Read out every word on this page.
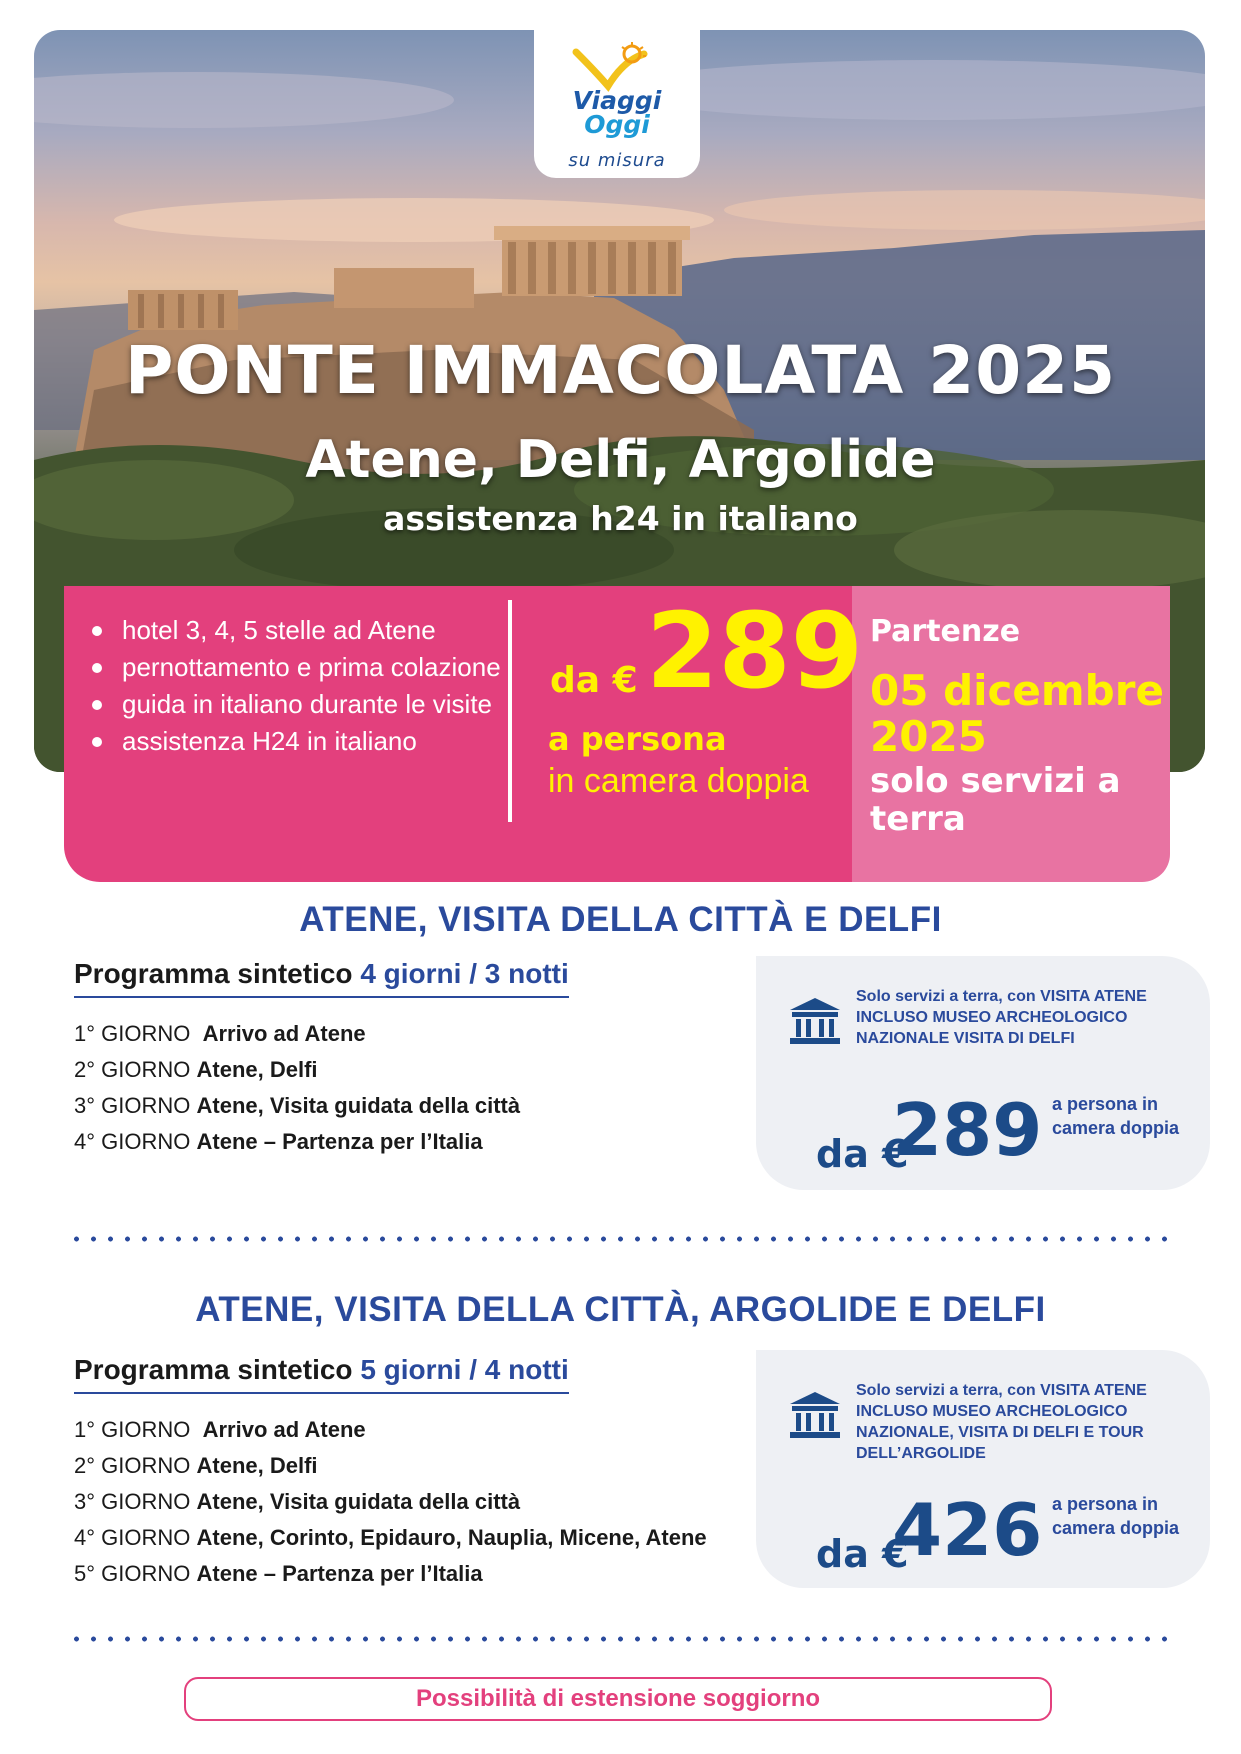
Viaggi
Oggi
su misura
PONTE IMMACOLATA 2025
Atene, Delfi, Argolide
assistenza h24 in italiano
Partenze
05 dicembre 2025
solo servizi a terra
hotel 3, 4, 5 stelle ad Atene
pernottamento e prima colazione
guida in italiano durante le visite
assistenza H24 in italiano
da € 289
a persona
in camera doppia
ATENE, VISITA DELLA CITTÀ E DELFI
Programma sintetico 4 giorni / 3 notti
1° GIORNO Arrivo ad Atene
2° GIORNO Atene, Delfi
3° GIORNO Atene, Visita guidata della città
4° GIORNO Atene – Partenza per l’Italia
Solo servizi a terra, con VISITA ATENE INCLUSO MUSEO ARCHEOLOGICO NAZIONALE VISITA DI DELFI
da €
289 a persona in camera doppia
ATENE, VISITA DELLA CITTÀ, ARGOLIDE E DELFI
Programma sintetico 5 giorni / 4 notti
1° GIORNO Arrivo ad Atene
2° GIORNO Atene, Delfi
3° GIORNO Atene, Visita guidata della città
4° GIORNO Atene, Corinto, Epidauro, Nauplia, Micene, Atene
5° GIORNO Atene – Partenza per l’Italia
Solo servizi a terra, con VISITA ATENE INCLUSO MUSEO ARCHEOLOGICO NAZIONALE, VISITA DI DELFI E TOUR DELL’ARGOLIDE
da €
426 a persona in camera doppia
Possibilità di estensione soggiorno
